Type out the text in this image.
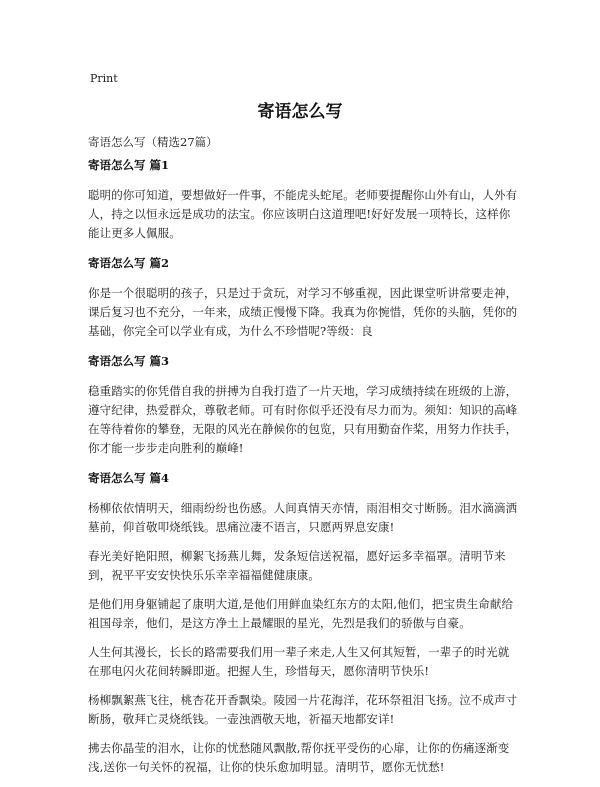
Print
寄语怎么写
寄语怎么写（精选27篇）
寄语怎么写 篇1

聪明的你可知道，要想做好一件事，不能虎头蛇尾。老师要提醒你山外有山，人外有人，持之以恒永远是成功的法宝。你应该明白这道理吧!好好发展一项特长，这样你能让更多人佩服。

寄语怎么写 篇2

你是一个很聪明的孩子，只是过于贪玩，对学习不够重视，因此课堂听讲常要走神，课后复习也不充分，一年来，成绩正慢慢下降。我真为你惋惜，凭你的头脑，凭你的基础，你完全可以学业有成，为什么不珍惜呢?等级：良

寄语怎么写 篇3

稳重踏实的你凭借自我的拼搏为自我打造了一片天地，学习成绩持续在班级的上游，遵守纪律，热爱群众，尊敬老师。可有时你似乎还没有尽力而为。须知：知识的高峰在等待着你的攀登，无限的风光在静候你的包览，只有用勤奋作桨，用努力作扶手，你才能一步步走向胜利的巅峰!

寄语怎么写 篇4

杨柳依依情明天，细雨纷纷也伤感。人间真情天亦情，雨泪相交寸断肠。泪水滴滴洒墓前，仰首敬叩烧纸钱。思痛泣凄不语言，只愿两界息安康!

春光美好艳阳照，柳絮飞扬燕儿舞，发条短信送祝福，愿好运多幸福罩。清明节来到，祝平平安安快快乐乐幸幸福福健健康康。

是他们用身躯铺起了康明大道,是他们用鲜血染红东方的太阳,他们，把宝贵生命献给祖国母亲，他们，是这方净土上最耀眼的星光，先烈是我们的骄傲与自豪。

人生何其漫长，长长的路需要我们用一辈子来走,人生又何其短暂，一辈子的时光就在那电闪火花间转瞬即逝。把握人生，珍惜每天，愿你清明节快乐!

杨柳飘絮燕飞往，桃杏花开香飘染。陵园一片花海洋，花环祭祖泪飞扬。泣不成声寸断肠，敬拜亡灵烧纸钱。一壶浊酒敬天地，祈福天地都安详!

拂去你晶莹的泪水，让你的忧愁随风飘散,帮你抚平受伤的心扉，让你的伤痛逐渐变浅,送你一句关怀的祝福，让你的快乐愈加明显。清明节，愿你无忧愁!
